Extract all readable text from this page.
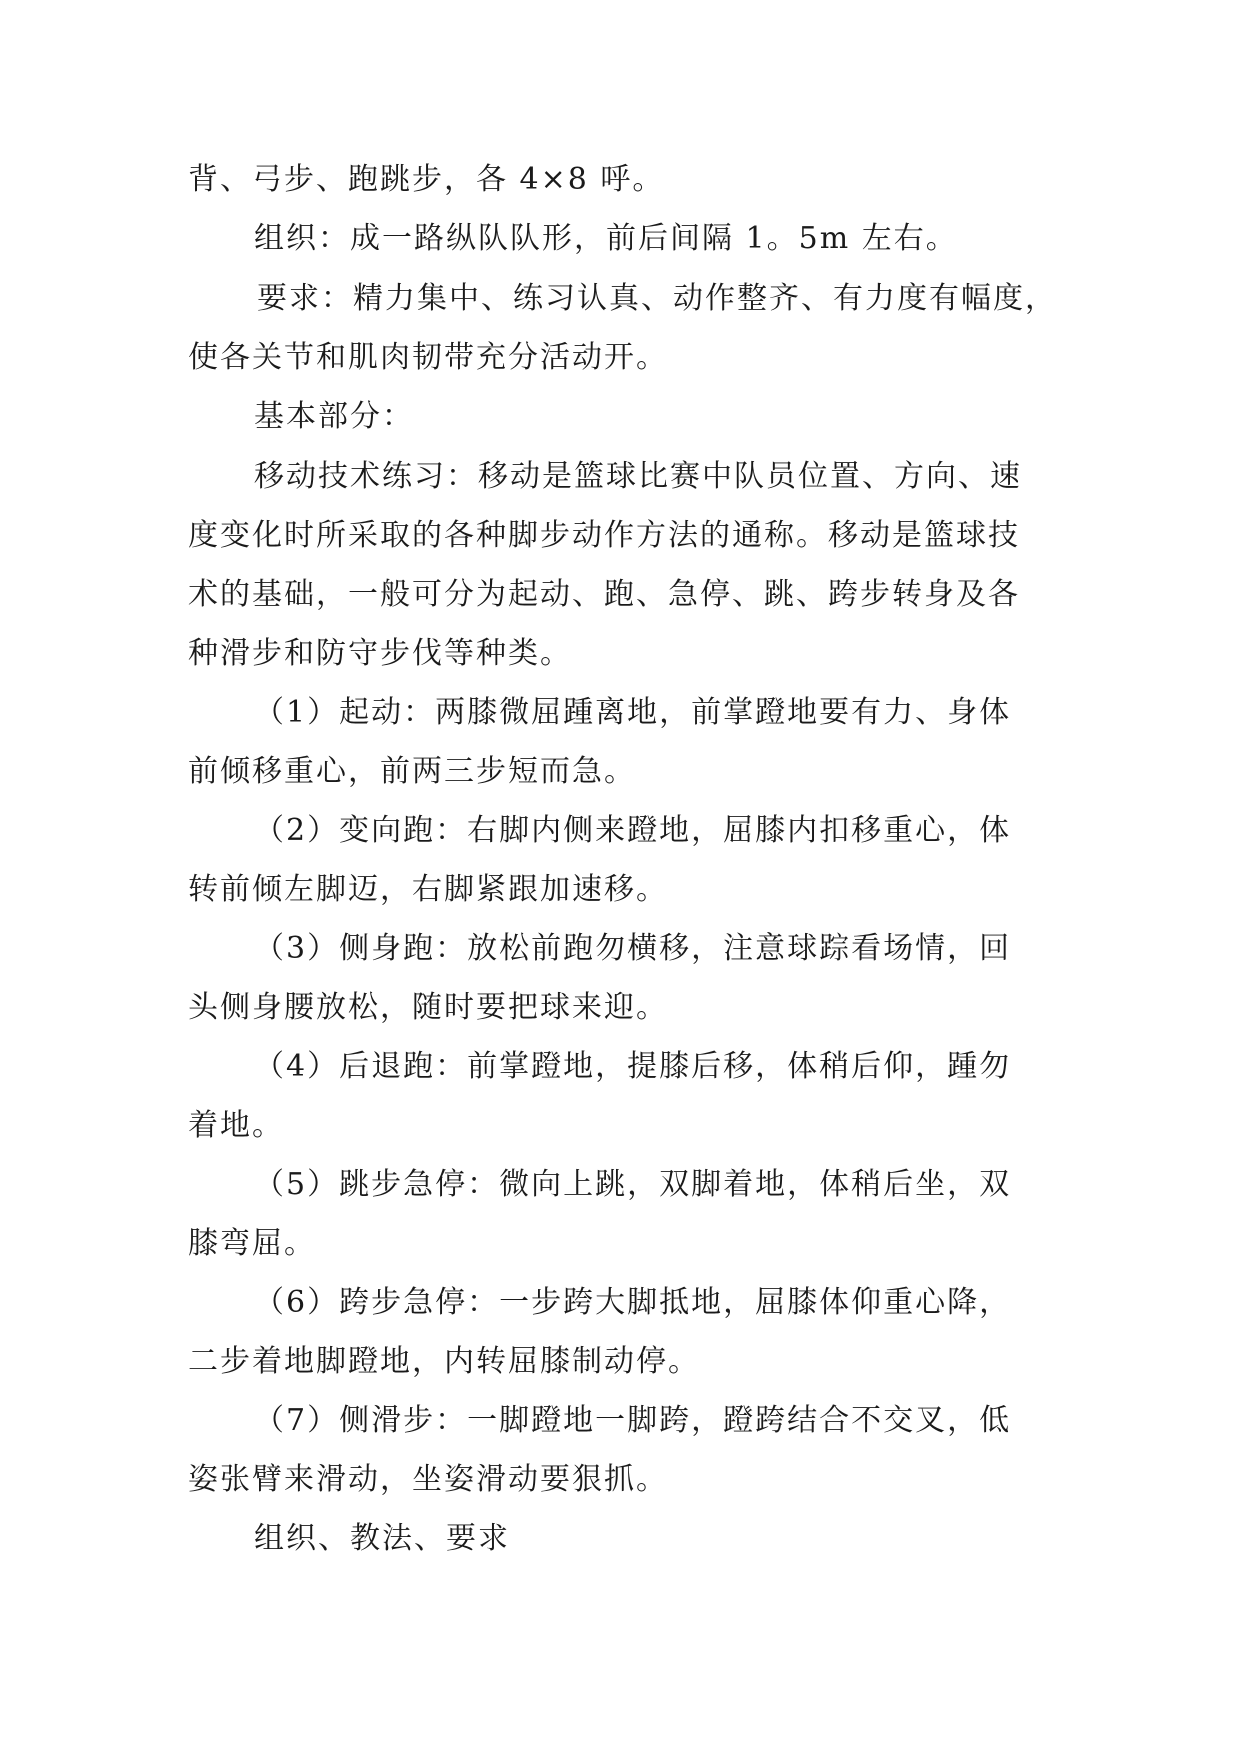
背、弓步、跑跳步，各 4×8 呼。

组织：成一路纵队队形，前后间隔 1。5m 左右。

要求：精力集中、练习认真、动作整齐、有力度有幅度，

使各关节和肌肉韧带充分活动开。

基本部分：

移动技术练习：移动是篮球比赛中队员位置、方向、速

度变化时所采取的各种脚步动作方法的通称。移动是篮球技

术的基础，一般可分为起动、跑、急停、跳、跨步转身及各

种滑步和防守步伐等种类。

（1）起动：两膝微屈踵离地，前掌蹬地要有力、身体

前倾移重心，前两三步短而急。

（2）变向跑：右脚内侧来蹬地，屈膝内扣移重心，体

转前倾左脚迈，右脚紧跟加速移。

（3）侧身跑：放松前跑勿横移，注意球踪看场情，回

头侧身腰放松，随时要把球来迎。

（4）后退跑：前掌蹬地，提膝后移，体稍后仰，踵勿

着地。

（5）跳步急停：微向上跳，双脚着地，体稍后坐，双

膝弯屈。

（6）跨步急停：一步跨大脚抵地，屈膝体仰重心降，

二步着地脚蹬地，内转屈膝制动停。

（7）侧滑步：一脚蹬地一脚跨，蹬跨结合不交叉，低

姿张臂来滑动，坐姿滑动要狠抓。

组织、教法、要求
